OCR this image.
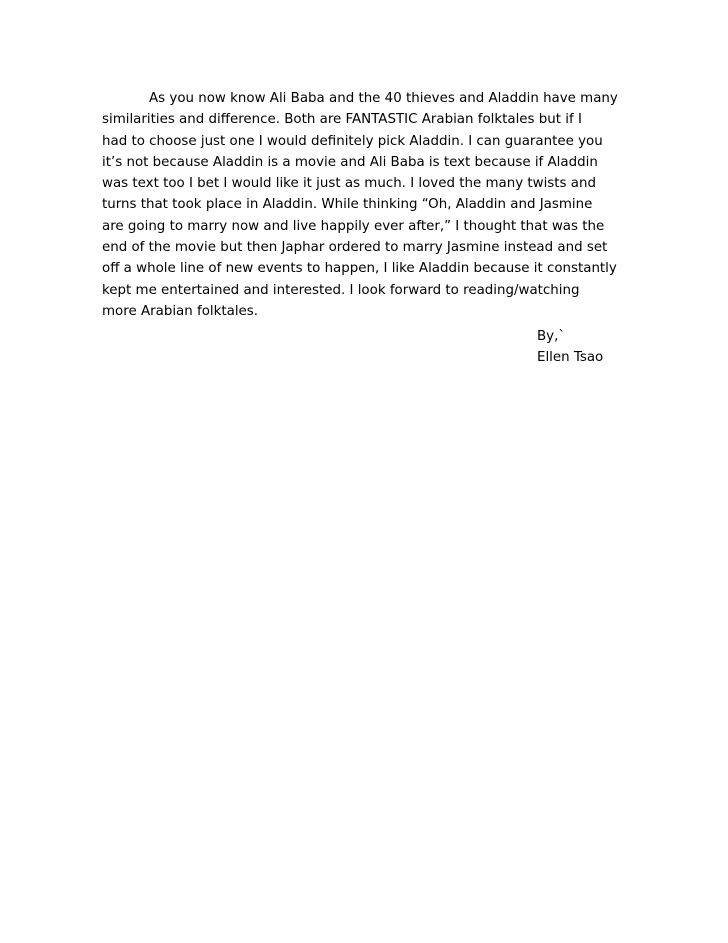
As you now know Ali Baba and the 40 thieves and Aladdin have many
similarities and difference. Both are FANTASTIC Arabian folktales but if I
had to choose just one I would definitely pick Aladdin. I can guarantee you
it’s not because Aladdin is a movie and Ali Baba is text because if Aladdin
was text too I bet I would like it just as much. I loved the many twists and
turns that took place in Aladdin. While thinking “Oh, Aladdin and Jasmine
are going to marry now and live happily ever after,” I thought that was the
end of the movie but then Japhar ordered to marry Jasmine instead and set
off a whole line of new events to happen, I like Aladdin because it constantly
kept me entertained and interested. I look forward to reading/watching
more Arabian folktales.

By,`
Ellen Tsao
